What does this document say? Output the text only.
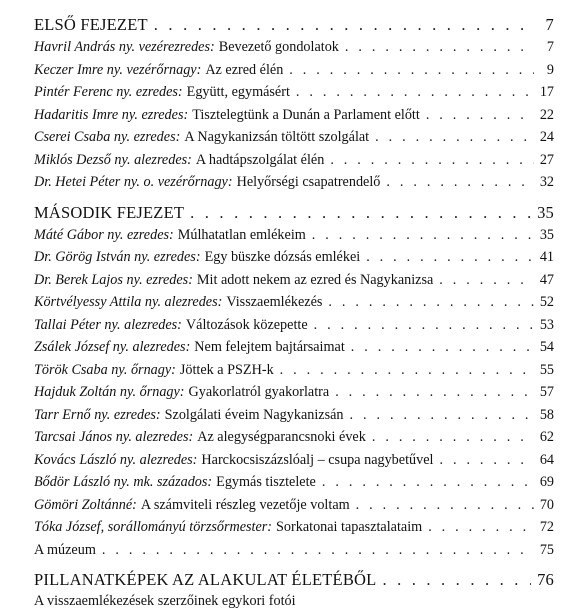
ELSŐ FEJEZET . . .	7
Havril András ny. vezérezredes: Bevezető gondolatok . . .	7
Keczer Imre ny. vezérőrnagy: Az ezred élén . . .	9
Pintér Ferenc ny. ezredes: Együtt, egymásért . . .	17
Hadaritis Imre ny. ezredes: Tisztelegtünk a Dunán a Parlament előtt . . .	22
Cserei Csaba ny. ezredes: A Nagykanizsán töltött szolgálat . . .	24
Miklós Dezső ny. alezredes: A hadtápszolgálat élén . . .	27
Dr. Hetei Péter ny. o. vezérőrnagy: Helyőrségi csapatrendelő . . .	32
MÁSODIK FEJEZET . . .	35
Máté Gábor ny. ezredes: Múlhatatlan emlékeim . . .	35
Dr. Görög István ny. ezredes: Egy büszke dózsás emlékei . . .	41
Dr. Berek Lajos ny. ezredes: Mit adott nekem az ezred és Nagykanizsa . . .	47
Körtvélyessy Attila ny. alezredes: Visszaemlékezés . . .	52
Tallai Péter ny. alezredes: Változások közepette . . .	53
Zsálek József ny. alezredes: Nem felejtem bajtársaimat . . .	54
Török Csaba ny. őrnagy: Jöttek a PSZH-k . . .	55
Hajduk Zoltán ny. őrnagy: Gyakorlatról gyakorlatra . . .	57
Tarr Ernő ny. ezredes: Szolgálati éveim Nagykanizsán . . .	58
Tarcsai János ny. alezredes: Az alegységparancsnoki évek . . .	62
Kovács László ny. alezredes: Harckocsiszázslóalj – csupa nagybetűvel . . .	64
Bődör László ny. mk. százados: Egymás tisztelete . . .	69
Gömöri Zoltánné: A számviteli részleg vezetője voltam . . .	70
Tóka József, sorállományú törzsőrmester: Sorkatonai tapasztalataim . . .	72
A múzeum . . .	75
PILLANATKÉPEK AZ ALAKULAT ÉLETÉBŐL . . .	76
A visszaemlékezések szerzőinek egykori fotói
